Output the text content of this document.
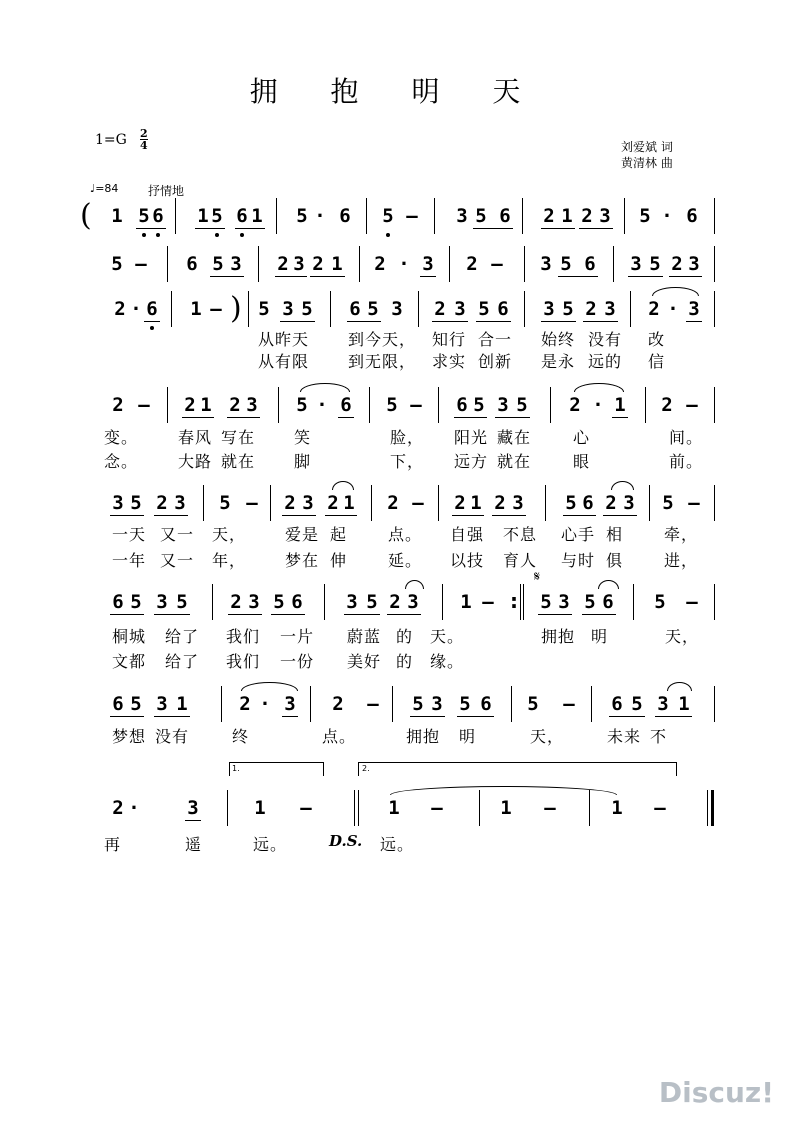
拥 抱 明 天
$1=G \frac{2}{4}$	刘爱斌 词
黄清林 曲
♩=84 抒情地
( 1 5 6 1 5 6 1 5 · 6 5 – 3 5 6 2 1 2 3 5 · 6
5 – 6 5 3 2 3 2 1 2 · 3 2 – 3 5 6 3 5 2 3
2 · 6 1 – 5 3 5 6 5 3 2 3 5 6 3 5 2 3 2 · 3
)
从昨天 到今天， 知行 合一 始终 没有 改
从有限 到无限， 求实 创新 是永 远的 信
2 – 2 1 2 3 5 · 6 5 – 6 5 3 5 2 · 1 2 –
变。 春风 写在 笑	脸， 阳光 藏在	心	间。
念。 大路 就在 脚	下， 远方 就在	眼	前。
3 5 2 3 5 – 2 3 2 1 2 – 2 1 2 3 5 6 2 3 5 –
一天 又一 天， 爱是 起	点。 自强 不息 心手 相	牵，
一年 又一 年， 梦在 伸	延。 以技 育人 与时 俱	进，
6 5 3 5 2 3 5 6 3 5 2 3 1 – :
𝄋
5 3 5 6 5 –
桐城 给了 我们 一片 蔚蓝 的 天。	拥抱 明	天，
文都 给了 我们 一份 美好 的 缘。
6 5 3 1	2 · 3 2 – 5 3 5 6 5 – 6 5 3 1
梦想 没有	终	点。	拥抱 明	天，	未来 不
1.	2.
2 ·	3	1 –	1 –	1 –	1 –
再	遥	远。	远。
D.S.
Discuz!
